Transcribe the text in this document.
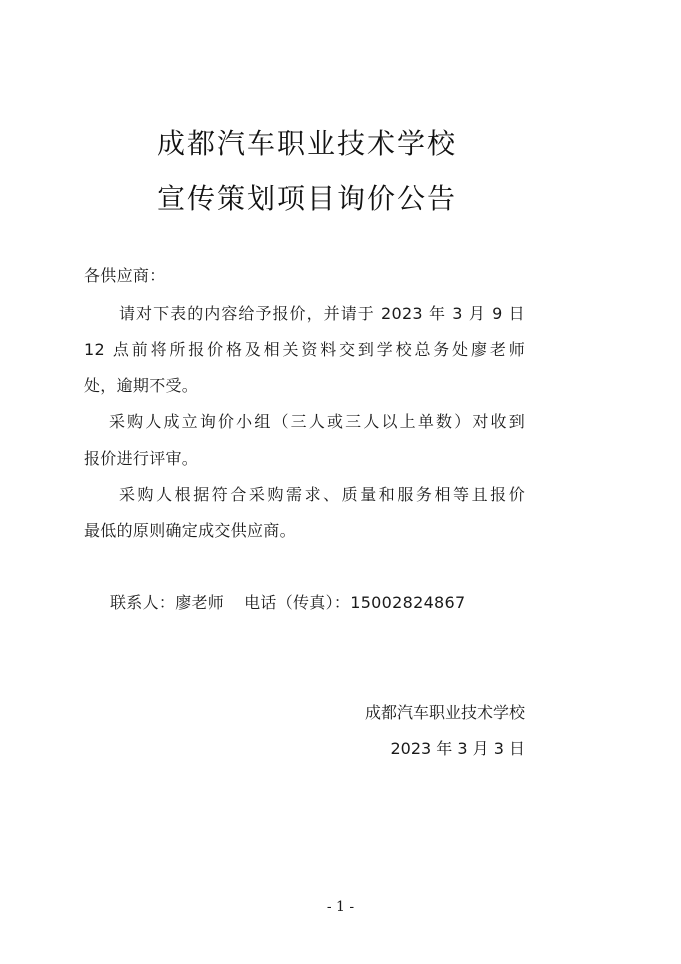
成都汽车职业技术学校
宣传策划项目询价公告
各供应商：
请对下表的内容给予报价，并请于 2023 年 3 月 9 日
12 点前将所报价格及相关资料交到学校总务处廖老师
处，逾期不受。
采购人成立询价小组（三人或三人以上单数）对收到
报价进行评审。
采购人根据符合采购需求、质量和服务相等且报价
最低的原则确定成交供应商。
联系人：廖老师 电话（传真）：15002824867
成都汽车职业技术学校
2023 年 3 月 3 日
- 1 -
